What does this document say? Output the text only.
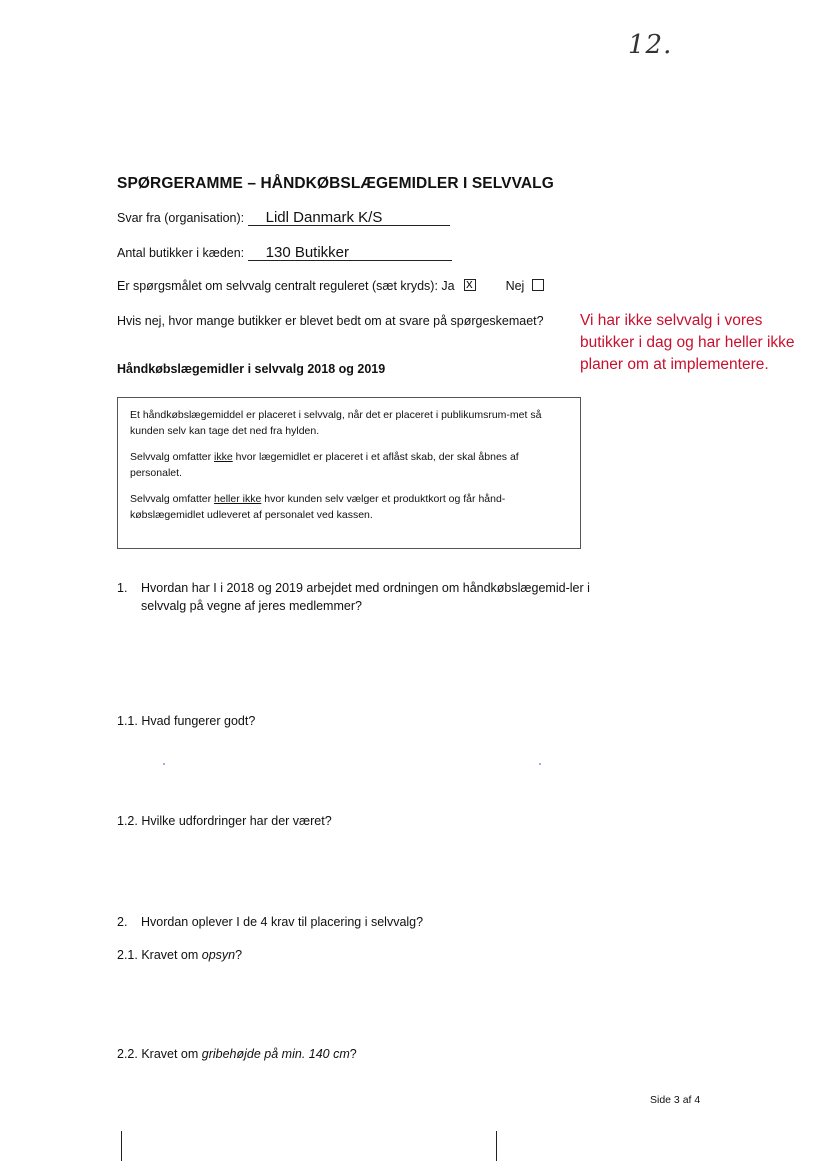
12.
SPØRGERAMME – HÅNDKØBSLÆGEMIDLER I SELVVALG
Svar fra (organisation): Lidl Danmark K/S
Antal butikker i kæden: 130 Butikker
Er spørgsmålet om selvvalg centralt reguleret (sæt kryds): Ja x	Nej
Hvis nej, hvor mange butikker er blevet bedt om at svare på spørgeskemaet? Vi har ikke selvvalg i vores
butikker i dag og har heller ikke
planer om at implementere.
Håndkøbslægemidler i selvvalg 2018 og 2019

Et håndkøbslægemiddel er placeret i selvvalg, når det er placeret i publikumsrum-met så kunden selv kan tage det ned fra hylden.

Selvvalg omfatter ikke hvor lægemidlet er placeret i et aflåst skab, der skal åbnes af personalet.

Selvvalg omfatter heller ikke hvor kunden selv vælger et produktkort og får hånd-købslægemidlet udleveret af personalet ved kassen.

1.	Hvordan har I i 2018 og 2019 arbejdet med ordningen om håndkøbslægemid-ler i selvvalg på vegne af jeres medlemmer?
1.1. Hvad fungerer godt?
1.2. Hvilke udfordringer har der været?
2. Hvordan oplever I de 4 krav til placering i selvvalg?
2.1. Kravet om opsyn?
2.2. Kravet om gribehøjde på min. 140 cm?
Side 3 af 4
